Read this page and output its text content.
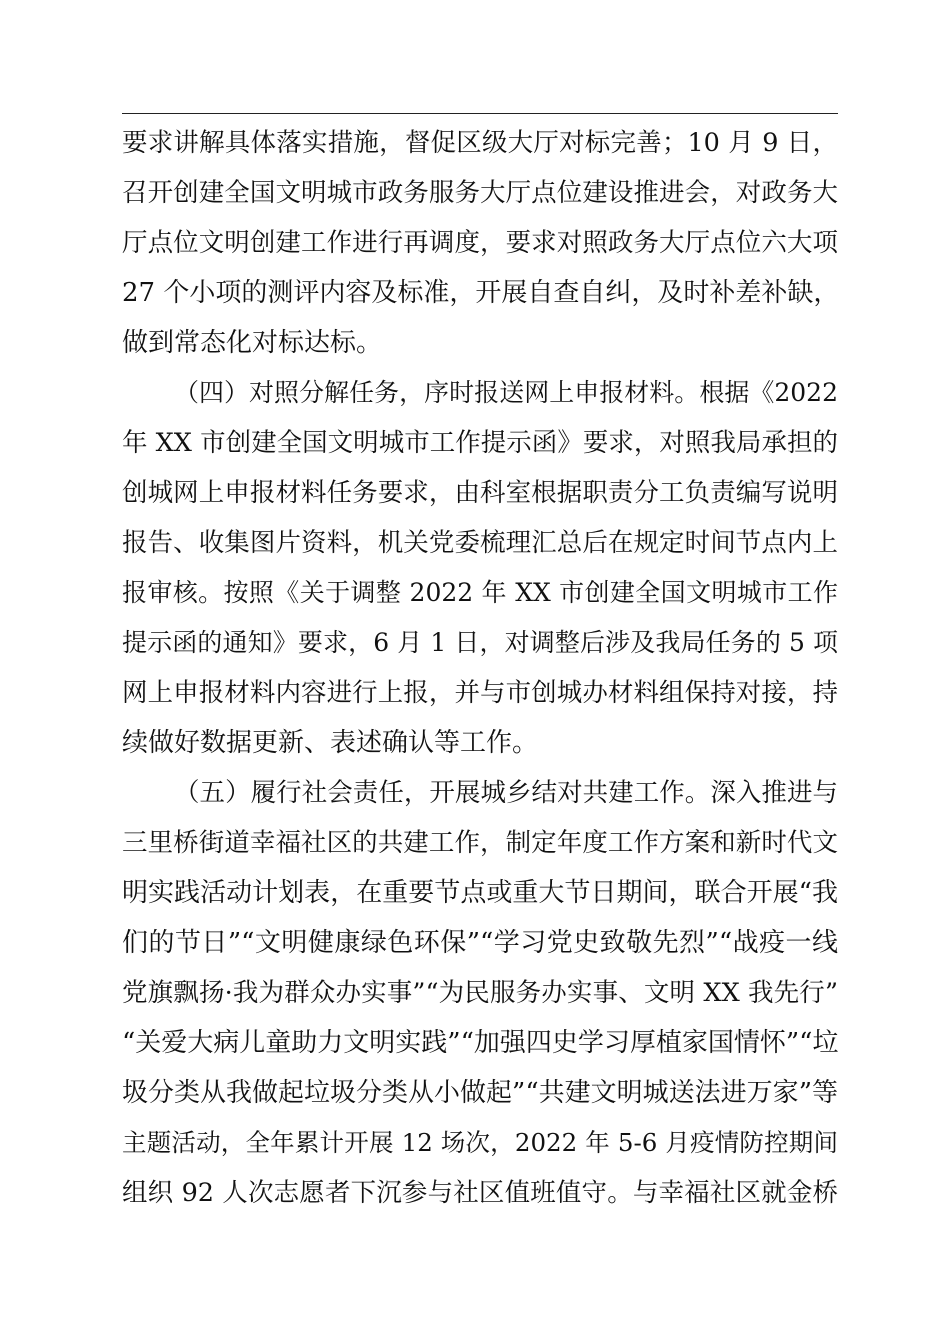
要求讲解具体落实措施，督促区级大厅对标完善；10 月 9 日，
召开创建全国文明城市政务服务大厅点位建设推进会，对政务大
厅点位文明创建工作进行再调度，要求对照政务大厅点位六大项
27 个小项的测评内容及标准，开展自查自纠，及时补差补缺，
做到常态化对标达标。
（四）对照分解任务，序时报送网上申报材料。根据《2022
年 XX 市创建全国文明城市工作提示函》要求，对照我局承担的
创城网上申报材料任务要求，由科室根据职责分工负责编写说明
报告、收集图片资料，机关党委梳理汇总后在规定时间节点内上
报审核。按照《关于调整 2022 年 XX 市创建全国文明城市工作
提示函的通知》要求，6 月 1 日，对调整后涉及我局任务的 5 项
网上申报材料内容进行上报，并与市创城办材料组保持对接，持
续做好数据更新、表述确认等工作。
（五）履行社会责任，开展城乡结对共建工作。深入推进与
三里桥街道幸福社区的共建工作，制定年度工作方案和新时代文
明实践活动计划表，在重要节点或重大节日期间，联合开展“我
们的节日”“文明健康绿色环保”“学习党史致敬先烈”“战疫一线
党旗飘扬·我为群众办实事”“为民服务办实事、文明 XX 我先行”
“关爱大病儿童助力文明实践”“加强四史学习厚植家国情怀”“垃
圾分类从我做起垃圾分类从小做起”“共建文明城送法进万家”等
主题活动，全年累计开展 12 场次，2022 年 5-6 月疫情防控期间
组织 92 人次志愿者下沉参与社区值班值守。与幸福社区就金桥
